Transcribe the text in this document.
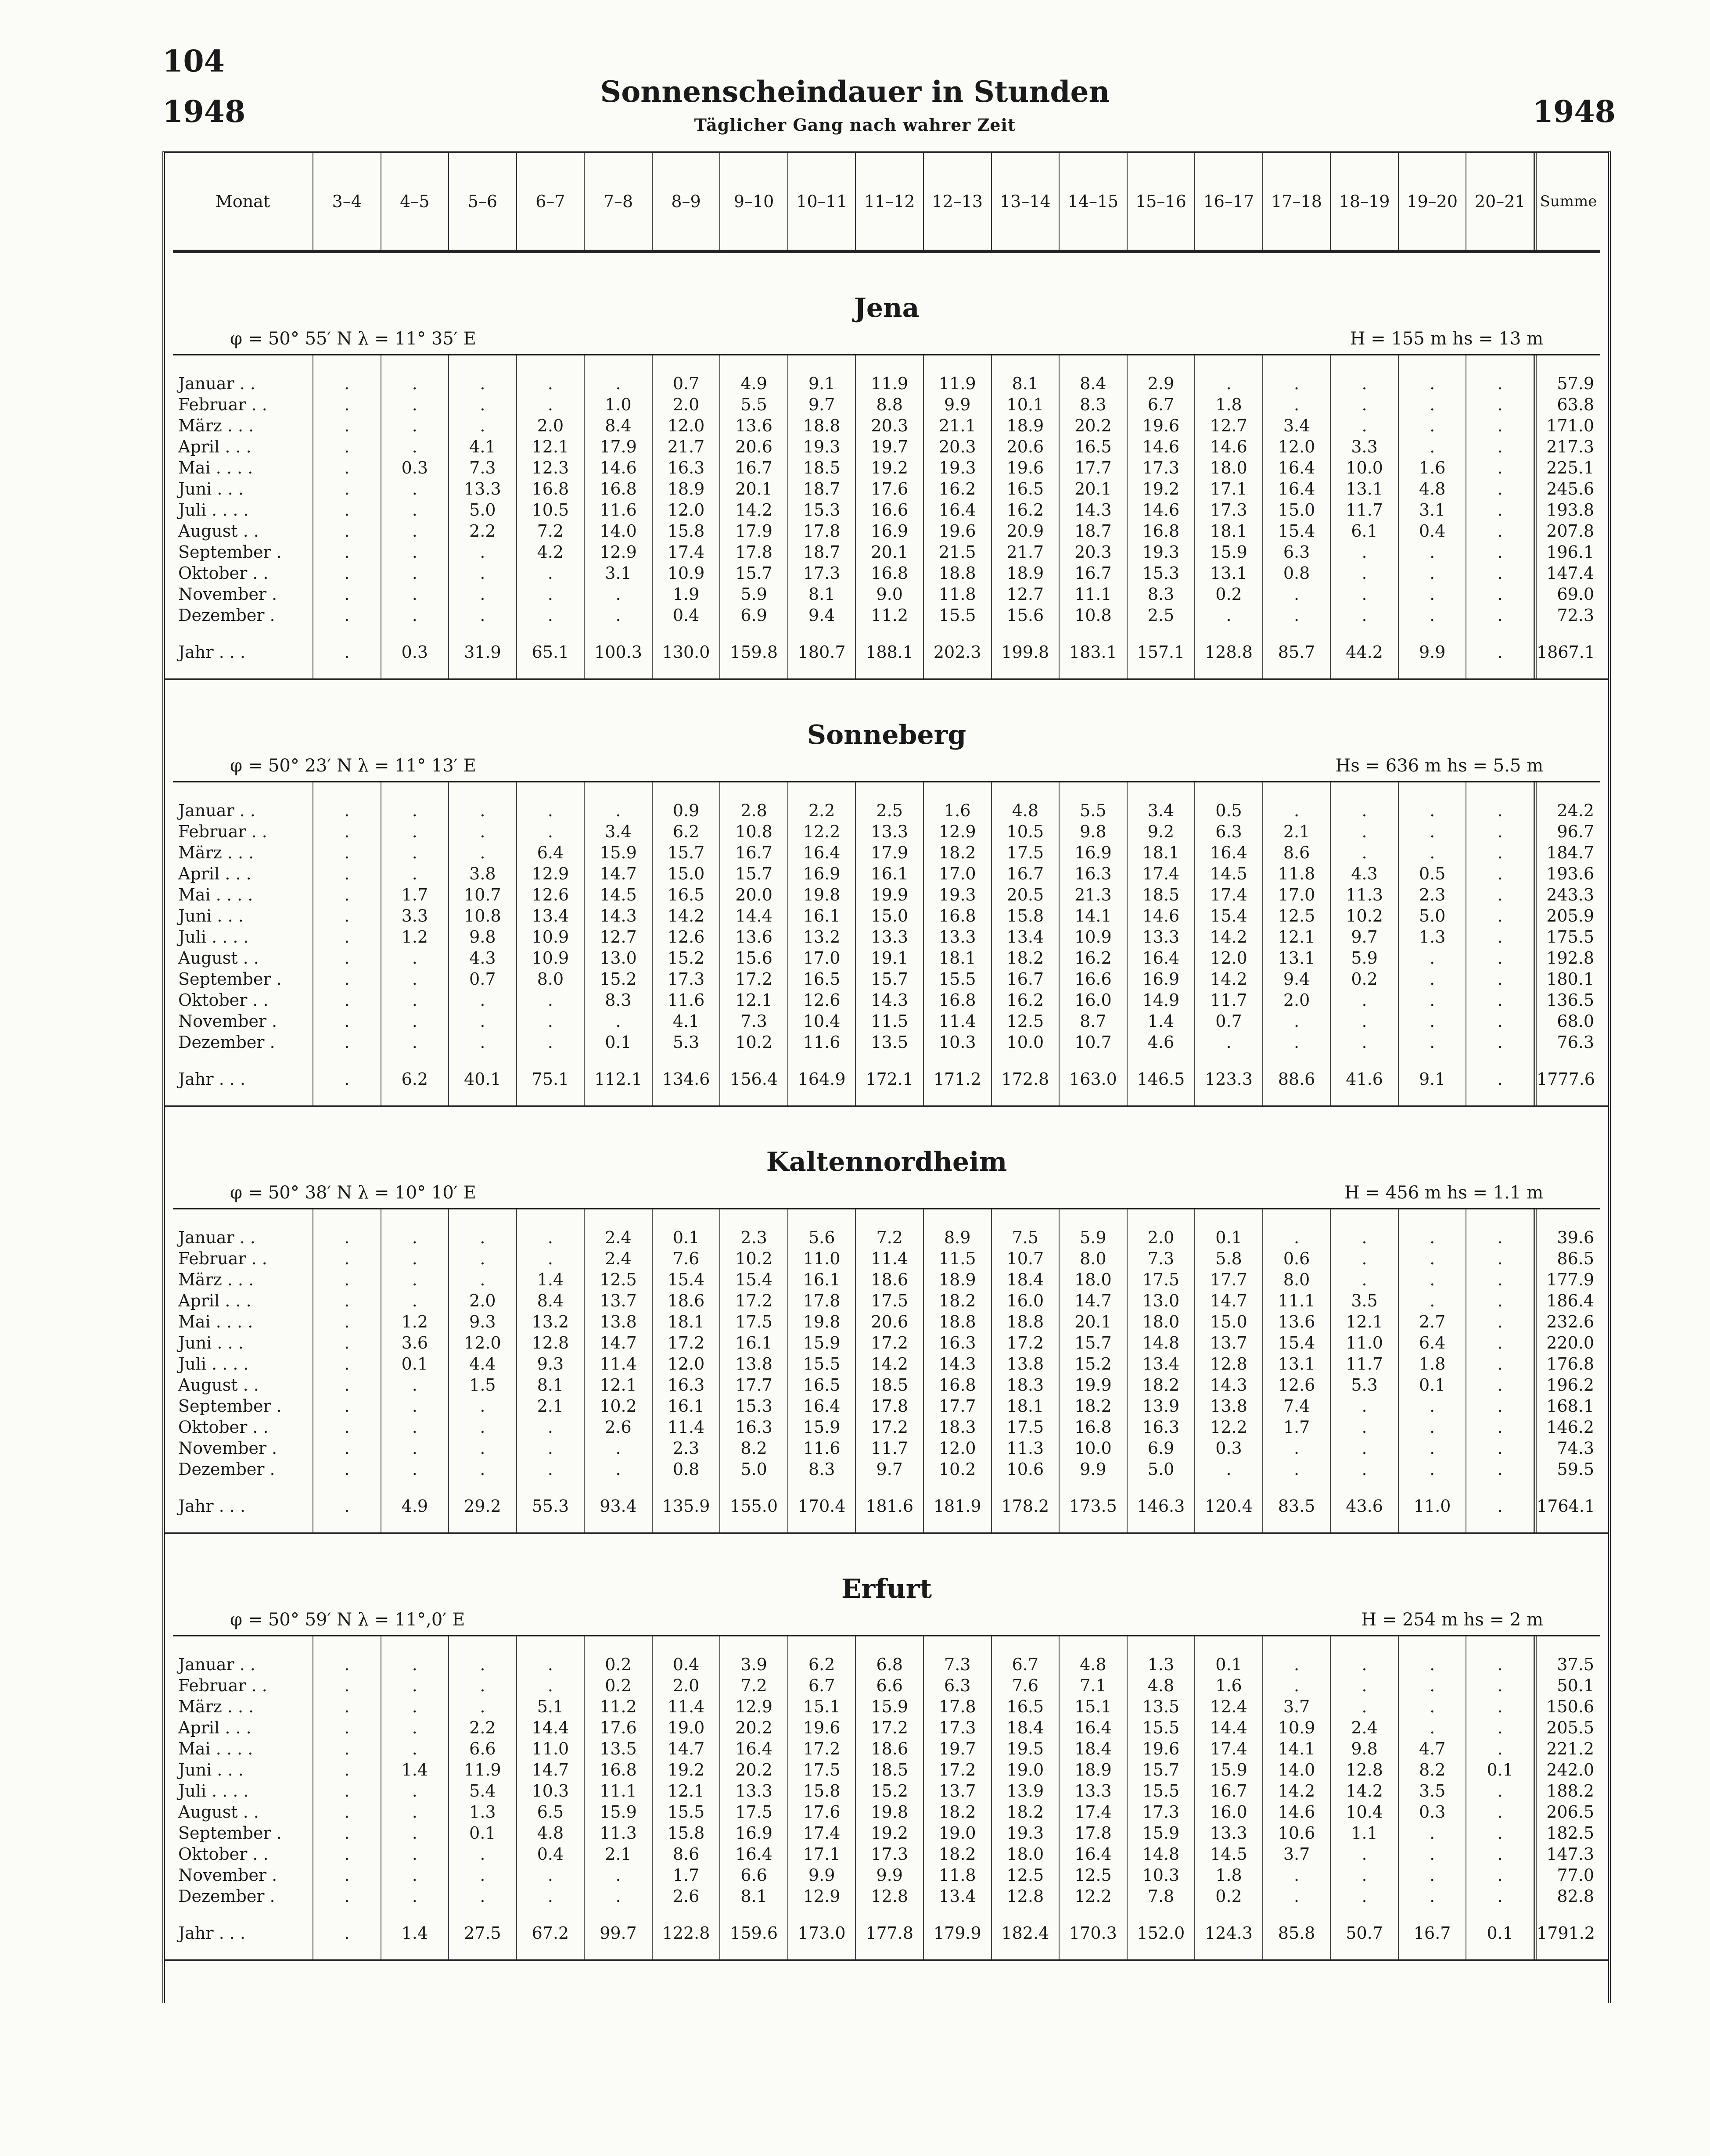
104
1948	1948
Sonnenscheindauer in Stunden
Täglicher Gang nach wahrer Zeit
Monat	3–4	4–5	5–6	6–7	7–8	8–9	9–10	10–11	11–12	12–13	13–14	14–15	15–16	16–17	17–18	18–19	19–20	20–21 Summe
Jena
φ = 50° 55′ N λ = 11° 35′ E	H = 155 m hs = 13 m
Januar . .	.	.	.	.	.	0.7	4.9	9.1	11.9	11.9	8.1	8.4	2.9	.	.	.	.	.	57.9
Februar . .	.	.	.	.	1.0	2.0	5.5	9.7	8.8	9.9	10.1	8.3	6.7	1.8	.	.	.	.	63.8
März . . .	.	.	.	2.0	8.4	12.0	13.6	18.8	20.3	21.1	18.9	20.2	19.6	12.7	3.4	.	.	.	171.0
April . . .	.	.	4.1	12.1	17.9	21.7	20.6	19.3	19.7	20.3	20.6	16.5	14.6	14.6	12.0	3.3	.	.	217.3
Mai . . . .	.	0.3	7.3	12.3	14.6	16.3	16.7	18.5	19.2	19.3	19.6	17.7	17.3	18.0	16.4	10.0	1.6	.	225.1
Juni . . .	.	.	13.3	16.8	16.8	18.9	20.1	18.7	17.6	16.2	16.5	20.1	19.2	17.1	16.4	13.1	4.8	.	245.6
Juli . . . .	.	.	5.0	10.5	11.6	12.0	14.2	15.3	16.6	16.4	16.2	14.3	14.6	17.3	15.0	11.7	3.1	.	193.8
August . .	.	.	2.2	7.2	14.0	15.8	17.9	17.8	16.9	19.6	20.9	18.7	16.8	18.1	15.4	6.1	0.4	.	207.8
September .	.	.	.	4.2	12.9	17.4	17.8	18.7	20.1	21.5	21.7	20.3	19.3	15.9	6.3	.	.	.	196.1
Oktober . .	.	.	.	.	3.1	10.9	15.7	17.3	16.8	18.8	18.9	16.7	15.3	13.1	0.8	.	.	.	147.4
November .	.	.	.	.	.	1.9	5.9	8.1	9.0	11.8	12.7	11.1	8.3	0.2	.	.	.	.	69.0
Dezember .	.	.	.	.	.	0.4	6.9	9.4	11.2	15.5	15.6	10.8	2.5	.	.	.	.	.	72.3
Jahr . . .	.	0.3	31.9	65.1	100.3	130.0	159.8	180.7	188.1	202.3	199.8	183.1	157.1	128.8	85.7	44.2	9.9	.	1867.1
Sonneberg
φ = 50° 23′ N λ = 11° 13′ E	Hs = 636 m hs = 5.5 m
Januar . .	.	.	.	.	.	0.9	2.8	2.2	2.5	1.6	4.8	5.5	3.4	0.5	.	.	.	.	24.2
Februar . .	.	.	.	.	3.4	6.2	10.8	12.2	13.3	12.9	10.5	9.8	9.2	6.3	2.1	.	.	.	96.7
März . . .	.	.	.	6.4	15.9	15.7	16.7	16.4	17.9	18.2	17.5	16.9	18.1	16.4	8.6	.	.	.	184.7
April . . .	.	.	3.8	12.9	14.7	15.0	15.7	16.9	16.1	17.0	16.7	16.3	17.4	14.5	11.8	4.3	0.5	.	193.6
Mai . . . .	.	1.7	10.7	12.6	14.5	16.5	20.0	19.8	19.9	19.3	20.5	21.3	18.5	17.4	17.0	11.3	2.3	.	243.3
Juni . . .	.	3.3	10.8	13.4	14.3	14.2	14.4	16.1	15.0	16.8	15.8	14.1	14.6	15.4	12.5	10.2	5.0	.	205.9
Juli . . . .	.	1.2	9.8	10.9	12.7	12.6	13.6	13.2	13.3	13.3	13.4	10.9	13.3	14.2	12.1	9.7	1.3	.	175.5
August . .	.	.	4.3	10.9	13.0	15.2	15.6	17.0	19.1	18.1	18.2	16.2	16.4	12.0	13.1	5.9	.	.	192.8
September .	.	.	0.7	8.0	15.2	17.3	17.2	16.5	15.7	15.5	16.7	16.6	16.9	14.2	9.4	0.2	.	.	180.1
Oktober . .	.	.	.	.	8.3	11.6	12.1	12.6	14.3	16.8	16.2	16.0	14.9	11.7	2.0	.	.	.	136.5
November .	.	.	.	.	.	4.1	7.3	10.4	11.5	11.4	12.5	8.7	1.4	0.7	.	.	.	.	68.0
Dezember .	.	.	.	.	0.1	5.3	10.2	11.6	13.5	10.3	10.0	10.7	4.6	.	.	.	.	.	76.3
Jahr . . .	.	6.2	40.1	75.1	112.1	134.6	156.4	164.9	172.1	171.2	172.8	163.0	146.5	123.3	88.6	41.6	9.1	.	1777.6
Kaltennordheim
φ = 50° 38′ N λ = 10° 10′ E	H = 456 m hs = 1.1 m
Januar . .	.	.	.	.	2.4	0.1	2.3	5.6	7.2	8.9	7.5	5.9	2.0	0.1	.	.	.	.	39.6
Februar . .	.	.	.	.	2.4	7.6	10.2	11.0	11.4	11.5	10.7	8.0	7.3	5.8	0.6	.	.	.	86.5
März . . .	.	.	.	1.4	12.5	15.4	15.4	16.1	18.6	18.9	18.4	18.0	17.5	17.7	8.0	.	.	.	177.9
April . . .	.	.	2.0	8.4	13.7	18.6	17.2	17.8	17.5	18.2	16.0	14.7	13.0	14.7	11.1	3.5	.	.	186.4
Mai . . . .	.	1.2	9.3	13.2	13.8	18.1	17.5	19.8	20.6	18.8	18.8	20.1	18.0	15.0	13.6	12.1	2.7	.	232.6
Juni . . .	.	3.6	12.0	12.8	14.7	17.2	16.1	15.9	17.2	16.3	17.2	15.7	14.8	13.7	15.4	11.0	6.4	.	220.0
Juli . . . .	.	0.1	4.4	9.3	11.4	12.0	13.8	15.5	14.2	14.3	13.8	15.2	13.4	12.8	13.1	11.7	1.8	.	176.8
August . .	.	.	1.5	8.1	12.1	16.3	17.7	16.5	18.5	16.8	18.3	19.9	18.2	14.3	12.6	5.3	0.1	.	196.2
September .	.	.	.	2.1	10.2	16.1	15.3	16.4	17.8	17.7	18.1	18.2	13.9	13.8	7.4	.	.	.	168.1
Oktober . .	.	.	.	.	2.6	11.4	16.3	15.9	17.2	18.3	17.5	16.8	16.3	12.2	1.7	.	.	.	146.2
November .	.	.	.	.	.	2.3	8.2	11.6	11.7	12.0	11.3	10.0	6.9	0.3	.	.	.	.	74.3
Dezember .	.	.	.	.	.	0.8	5.0	8.3	9.7	10.2	10.6	9.9	5.0	.	.	.	.	.	59.5
Jahr . . .	.	4.9	29.2	55.3	93.4	135.9	155.0	170.4	181.6	181.9	178.2	173.5	146.3	120.4	83.5	43.6	11.0	.	1764.1
Erfurt
φ = 50° 59′ N λ = 11°,0′ E	H = 254 m hs = 2 m
Januar . .	.	.	.	.	0.2	0.4	3.9	6.2	6.8	7.3	6.7	4.8	1.3	0.1	.	.	.	.	37.5
Februar . .	.	.	.	.	0.2	2.0	7.2	6.7	6.6	6.3	7.6	7.1	4.8	1.6	.	.	.	.	50.1
März . . .	.	.	.	5.1	11.2	11.4	12.9	15.1	15.9	17.8	16.5	15.1	13.5	12.4	3.7	.	.	.	150.6
April . . .	.	.	2.2	14.4	17.6	19.0	20.2	19.6	17.2	17.3	18.4	16.4	15.5	14.4	10.9	2.4	.	.	205.5
Mai . . . .	.	.	6.6	11.0	13.5	14.7	16.4	17.2	18.6	19.7	19.5	18.4	19.6	17.4	14.1	9.8	4.7	.	221.2
Juni . . .	.	1.4	11.9	14.7	16.8	19.2	20.2	17.5	18.5	17.2	19.0	18.9	15.7	15.9	14.0	12.8	8.2	0.1	242.0
Juli . . . .	.	.	5.4	10.3	11.1	12.1	13.3	15.8	15.2	13.7	13.9	13.3	15.5	16.7	14.2	14.2	3.5	.	188.2
August . .	.	.	1.3	6.5	15.9	15.5	17.5	17.6	19.8	18.2	18.2	17.4	17.3	16.0	14.6	10.4	0.3	.	206.5
September .	.	.	0.1	4.8	11.3	15.8	16.9	17.4	19.2	19.0	19.3	17.8	15.9	13.3	10.6	1.1	.	.	182.5
Oktober . .	.	.	.	0.4	2.1	8.6	16.4	17.1	17.3	18.2	18.0	16.4	14.8	14.5	3.7	.	.	.	147.3
November .	.	.	.	.	.	1.7	6.6	9.9	9.9	11.8	12.5	12.5	10.3	1.8	.	.	.	.	77.0
Dezember .	.	.	.	.	.	2.6	8.1	12.9	12.8	13.4	12.8	12.2	7.8	0.2	.	.	.	.	82.8
Jahr . . .	.	1.4	27.5	67.2	99.7	122.8	159.6	173.0	177.8	179.9	182.4	170.3	152.0	124.3	85.8	50.7	16.7	0.1	1791.2
